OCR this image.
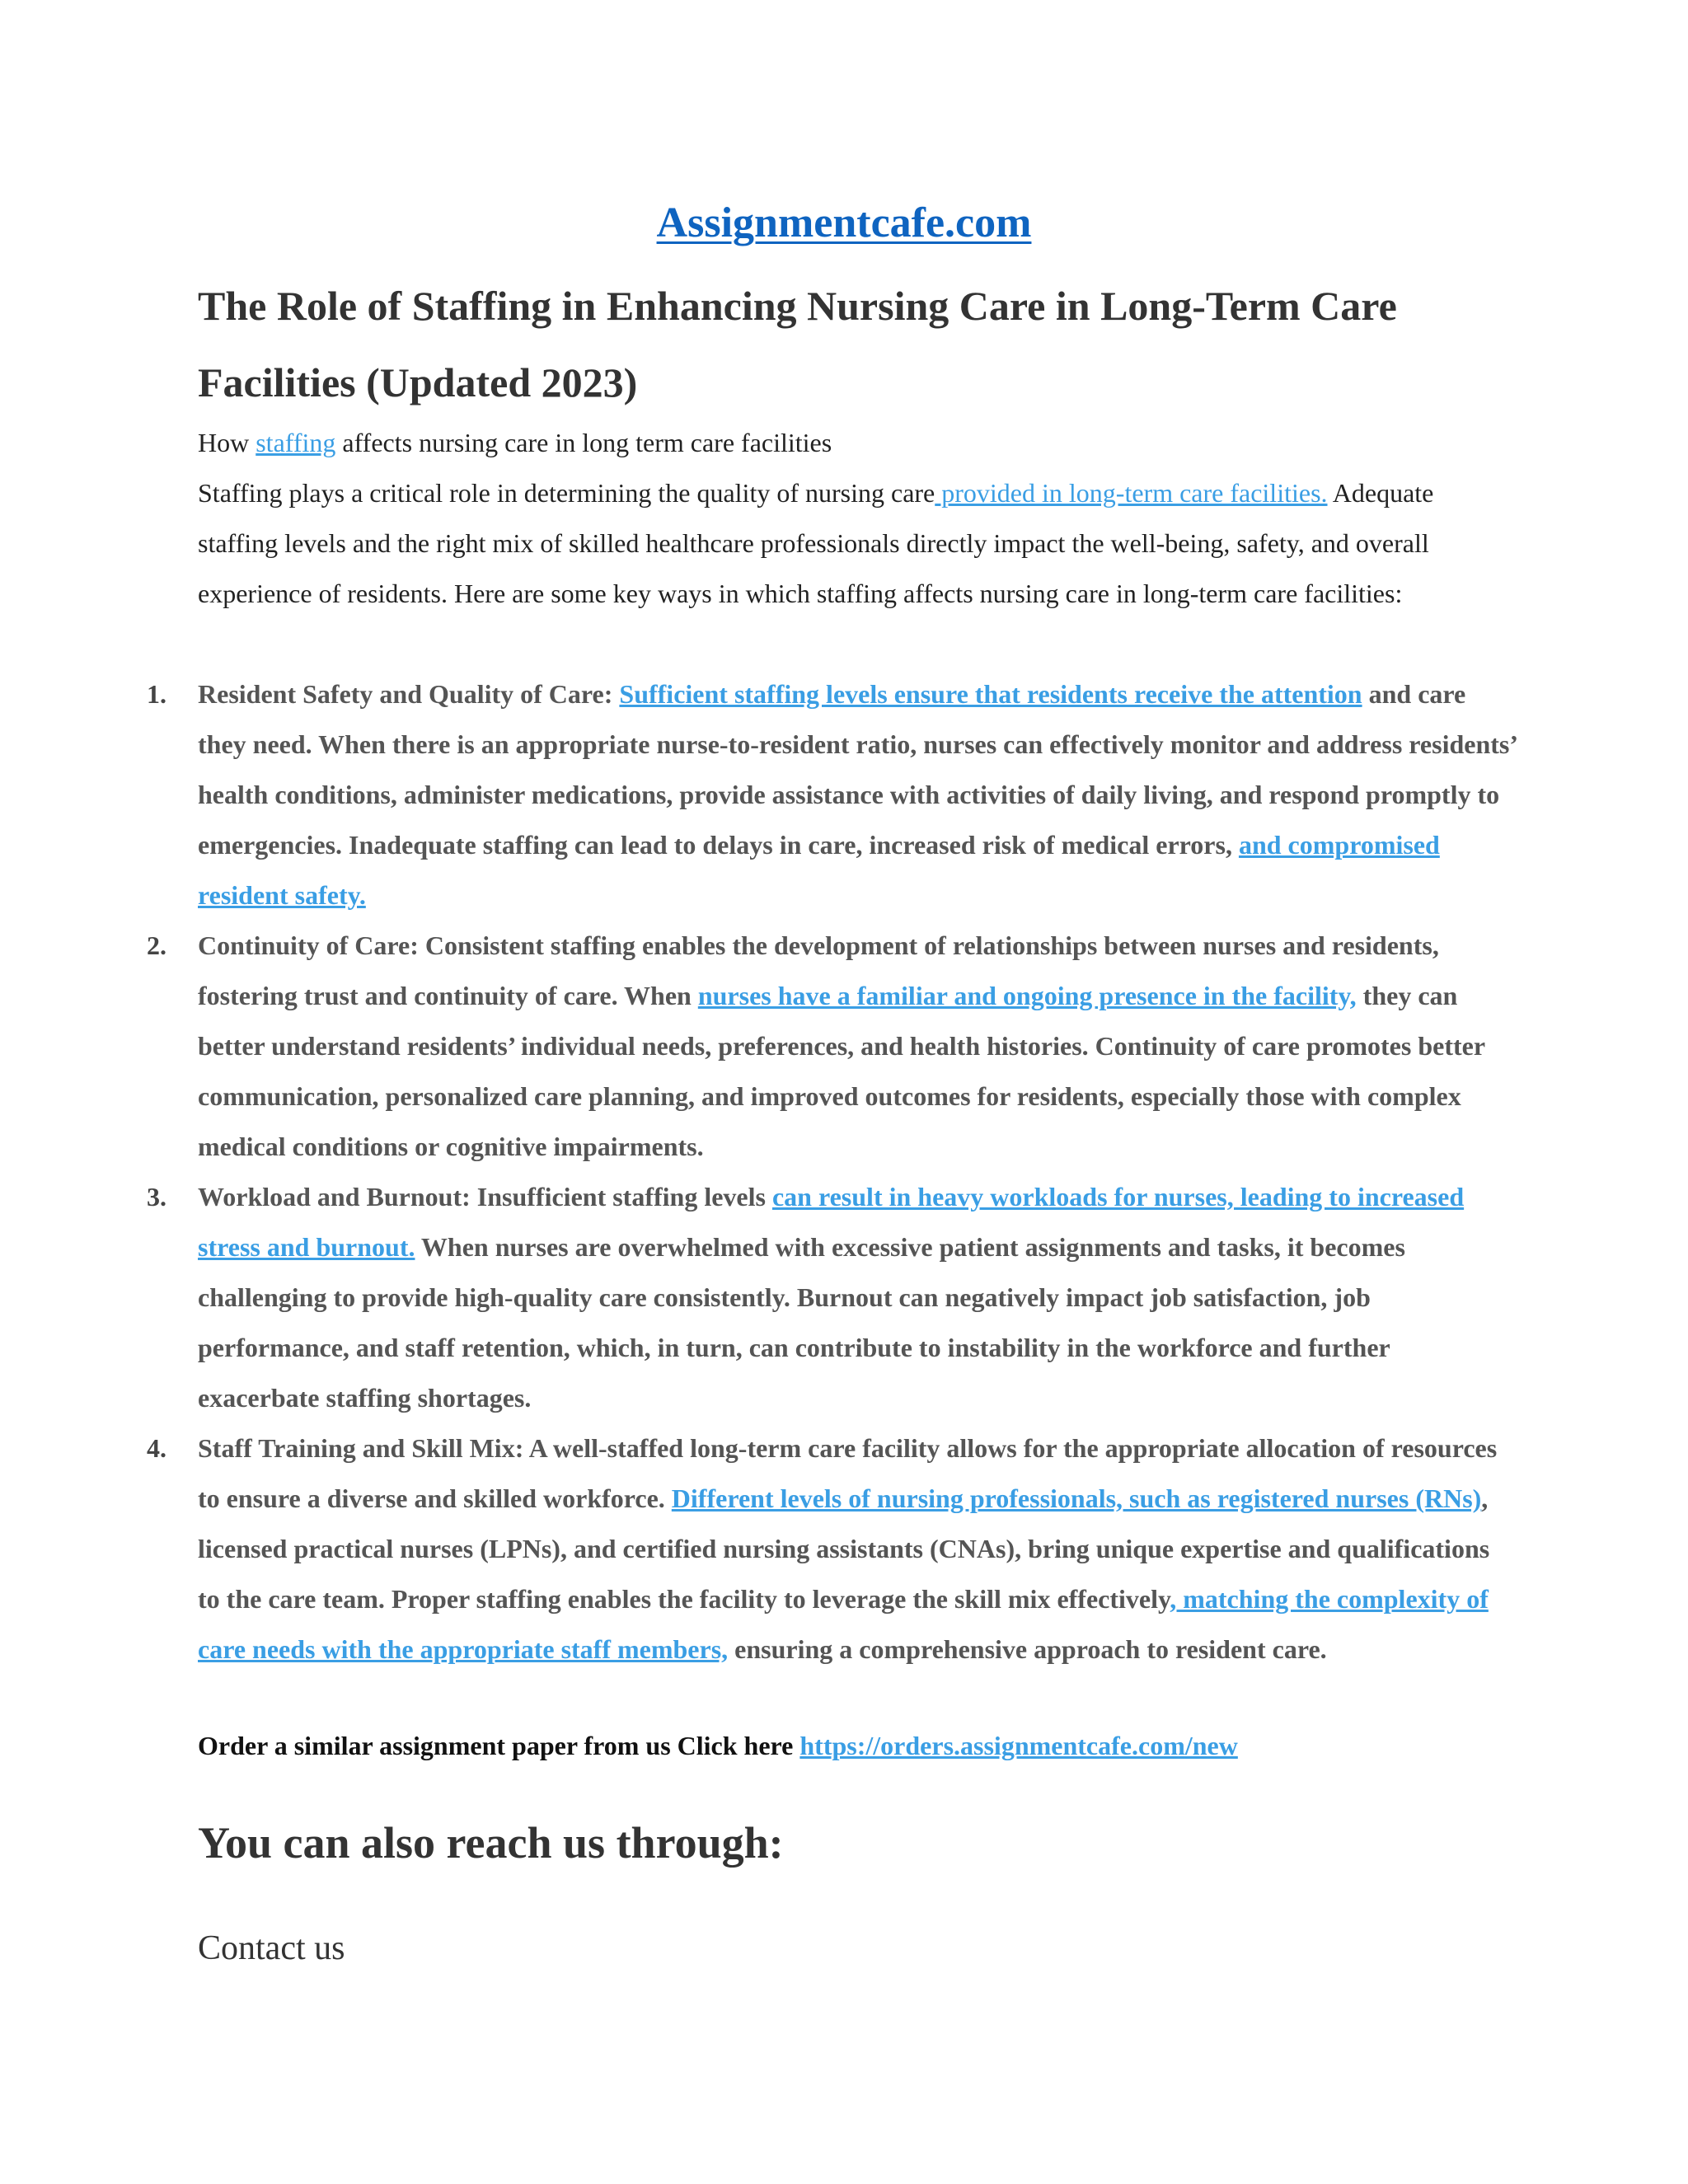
Assignmentcafe.com
The Role of Staffing in Enhancing Nursing Care in Long-Term Care Facilities (Updated 2023)

How staffing affects nursing care in long term care facilities

Staffing plays a critical role in determining the quality of nursing care provided in long-term care facilities. Adequate staffing levels and the right mix of skilled healthcare professionals directly impact the well-being, safety, and overall experience of residents. Here are some key ways in which staffing affects nursing care in long-term care facilities:

1. Resident Safety and Quality of Care: Sufficient staffing levels ensure that residents receive the attention and care they need. When there is an appropriate nurse-to-resident ratio, nurses can effectively monitor and address residents’ health conditions, administer medications, provide assistance with activities of daily living, and respond promptly to emergencies. Inadequate staffing can lead to delays in care, increased risk of medical errors, and compromised resident safety.
2. Continuity of Care: Consistent staffing enables the development of relationships between nurses and residents, fostering trust and continuity of care. When nurses have a familiar and ongoing presence in the facility, they can better understand residents’ individual needs, preferences, and health histories. Continuity of care promotes better communication, personalized care planning, and improved outcomes for residents, especially those with complex medical conditions or cognitive impairments.
3. Workload and Burnout: Insufficient staffing levels can result in heavy workloads for nurses, leading to increased stress and burnout. When nurses are overwhelmed with excessive patient assignments and tasks, it becomes challenging to provide high-quality care consistently. Burnout can negatively impact job satisfaction, job performance, and staff retention, which, in turn, can contribute to instability in the workforce and further exacerbate staffing shortages.
4. Staff Training and Skill Mix: A well-staffed long-term care facility allows for the appropriate allocation of resources to ensure a diverse and skilled workforce. Different levels of nursing professionals, such as registered nurses (RNs), licensed practical nurses (LPNs), and certified nursing assistants (CNAs), bring unique expertise and qualifications to the care team. Proper staffing enables the facility to leverage the skill mix effectively, matching the complexity of care needs with the appropriate staff members, ensuring a comprehensive approach to resident care.
Order a similar assignment paper from us Click here https://orders.assignmentcafe.com/new
You can also reach us through:
Contact us
